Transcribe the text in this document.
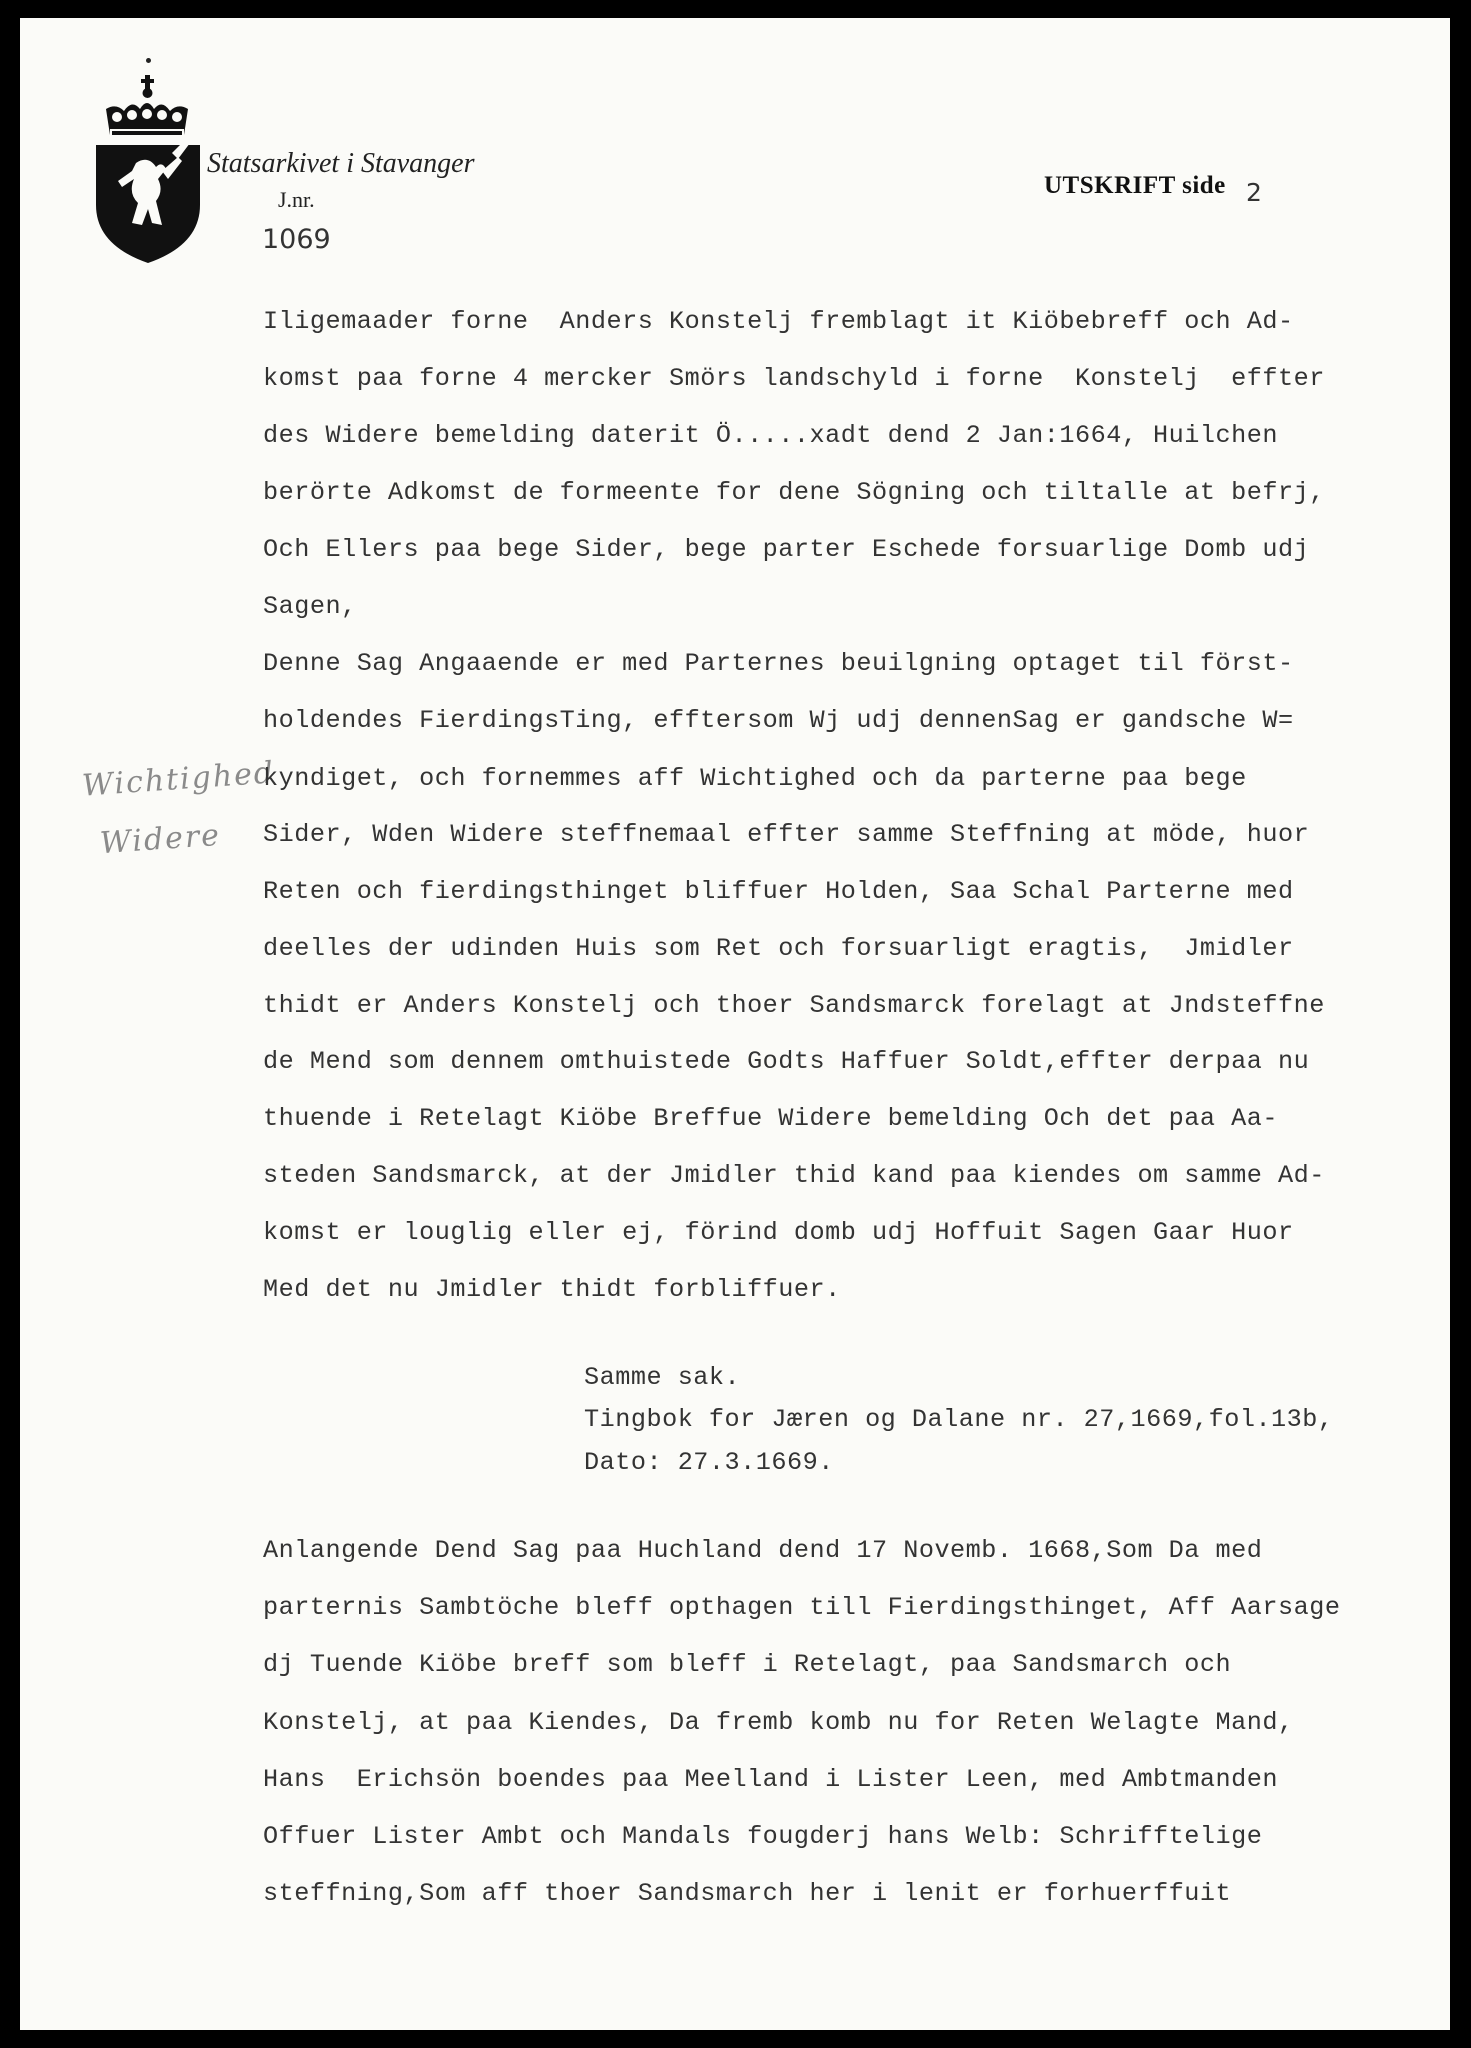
Statsarkivet i Stavanger
J.nr.
1069
UTSKRIFT side 2
Wichtighed
Widere
Iligemaader forne  Anders Konstelj fremblagt it Kiöbebreff och Ad-
komst paa forne 4 mercker Smörs landschyld i forne  Konstelj  effter
des Widere bemelding daterit Ö.....xadt dend 2 Jan:1664, Huilchen
berörte Adkomst de formeente for dene Sögning och tiltalle at befrj,
Och Ellers paa bege Sider, bege parter Eschede forsuarlige Domb udj
Sagen,
Denne Sag Angaaende er med Parternes beuilgning optaget til först-
holdendes FierdingsTing, efftersom Wj udj dennenSag er gandsche W=
kyndiget, och fornemmes aff Wichtighed och da parterne paa bege
Sider, Wden Widere steffnemaal effter samme Steffning at möde, huor
Reten och fierdingsthinget bliffuer Holden, Saa Schal Parterne med
deelles der udinden Huis som Ret och forsuarligt eragtis,  Jmidler
thidt er Anders Konstelj och thoer Sandsmarck forelagt at Jndsteffne
de Mend som dennem omthuistede Godts Haffuer Soldt,effter derpaa nu
thuende i Retelagt Kiöbe Breffue Widere bemelding Och det paa Aa-
steden Sandsmarck, at der Jmidler thid kand paa kiendes om samme Ad-
komst er louglig eller ej, förind domb udj Hoffuit Sagen Gaar Huor
Med det nu Jmidler thidt forbliffuer.
Samme sak.
Tingbok for Jæren og Dalane nr. 27,1669,fol.13b,
Dato: 27.3.1669.
Anlangende Dend Sag paa Huchland dend 17 Novemb. 1668,Som Da med
parternis Sambtöche bleff opthagen till Fierdingsthinget, Aff Aarsage
dj Tuende Kiöbe breff som bleff i Retelagt, paa Sandsmarch och
Konstelj, at paa Kiendes, Da fremb komb nu for Reten Welagte Mand,
Hans  Erichsön boendes paa Meelland i Lister Leen, med Ambtmanden
Offuer Lister Ambt och Mandals fougderj hans Welb: Schrifftelige
steffning,Som aff thoer Sandsmarch her i lenit er forhuerffuit
